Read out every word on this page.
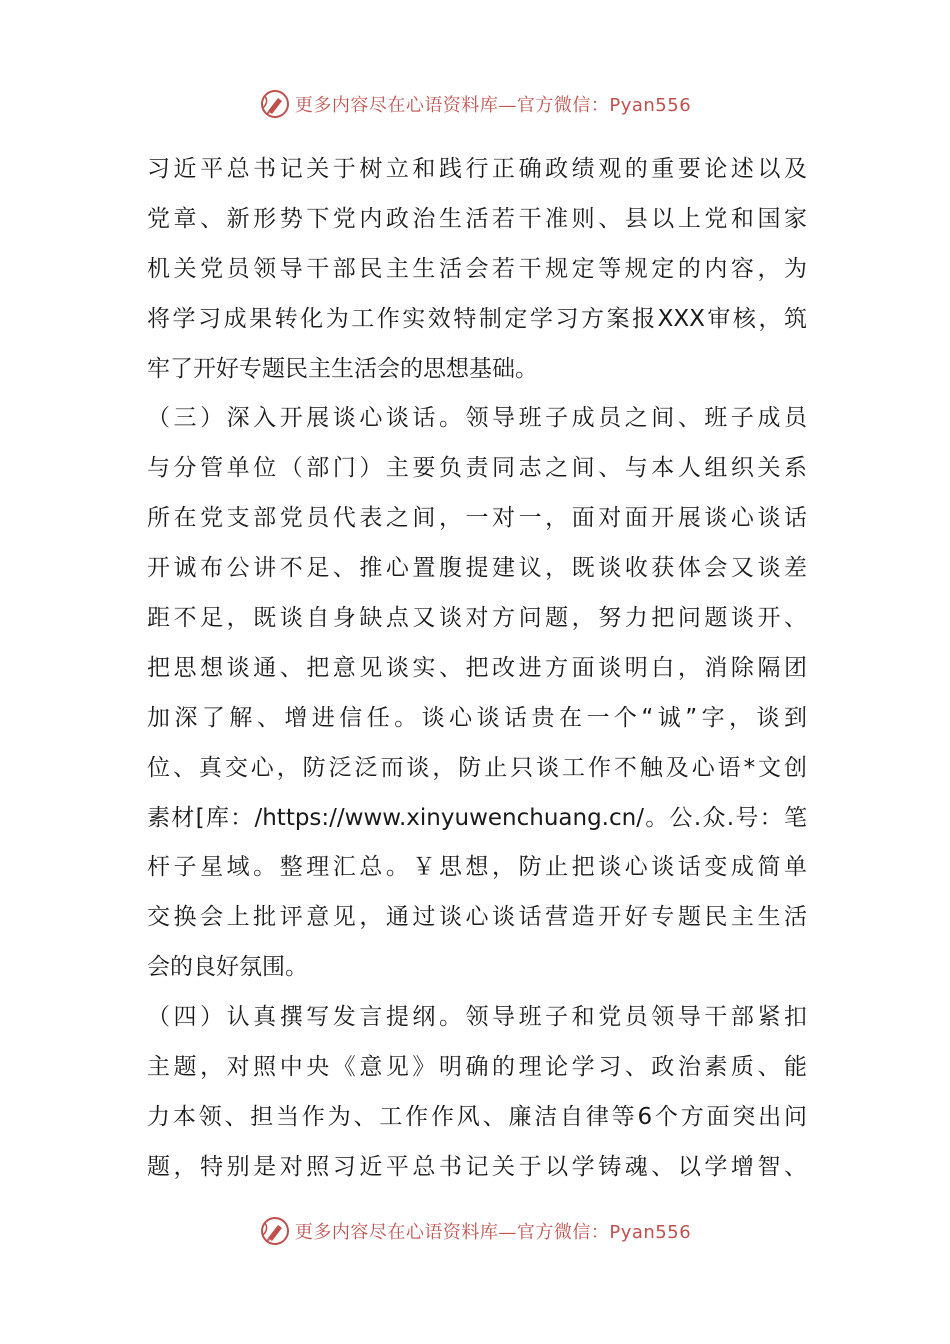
更多内容尽在心语资料库—官方微信：Pyan556
习近平总书记关于树立和践行正确政绩观的重要论述以及
党章、新形势下党内政治生活若干准则、县以上党和国家
机关党员领导干部民主生活会若干规定等规定的内容，为
将学习成果转化为工作实效特制定学习方案报XXX审核，筑
牢了开好专题民主生活会的思想基础。
（三）深入开展谈心谈话。领导班子成员之间、班子成员
与分管单位（部门）主要负责同志之间、与本人组织关系
所在党支部党员代表之间，一对一，面对面开展谈心谈话
开诚布公讲不足、推心置腹提建议，既谈收获体会又谈差
距不足，既谈自身缺点又谈对方问题，努力把问题谈开、
把思想谈通、把意见谈实、把改进方面谈明白，消除隔团
加深了解、增进信任。谈心谈话贵在一个“诚”字，谈到
位、真交心，防泛泛而谈，防止只谈工作不触及心语*文创
素材[库：/https://www.xinyuwenchuang.cn/。公.众.号：笔
杆子星域。整理汇总。￥思想，防止把谈心谈话变成简单
交换会上批评意见，通过谈心谈话营造开好专题民主生活
会的良好氛围。
（四）认真撰写发言提纲。领导班子和党员领导干部紧扣
主题，对照中央《意见》明确的理论学习、政治素质、能
力本领、担当作为、工作作风、廉洁自律等6个方面突出问
题，特别是对照习近平总书记关于以学铸魂、以学增智、
更多内容尽在心语资料库—官方微信：Pyan556
